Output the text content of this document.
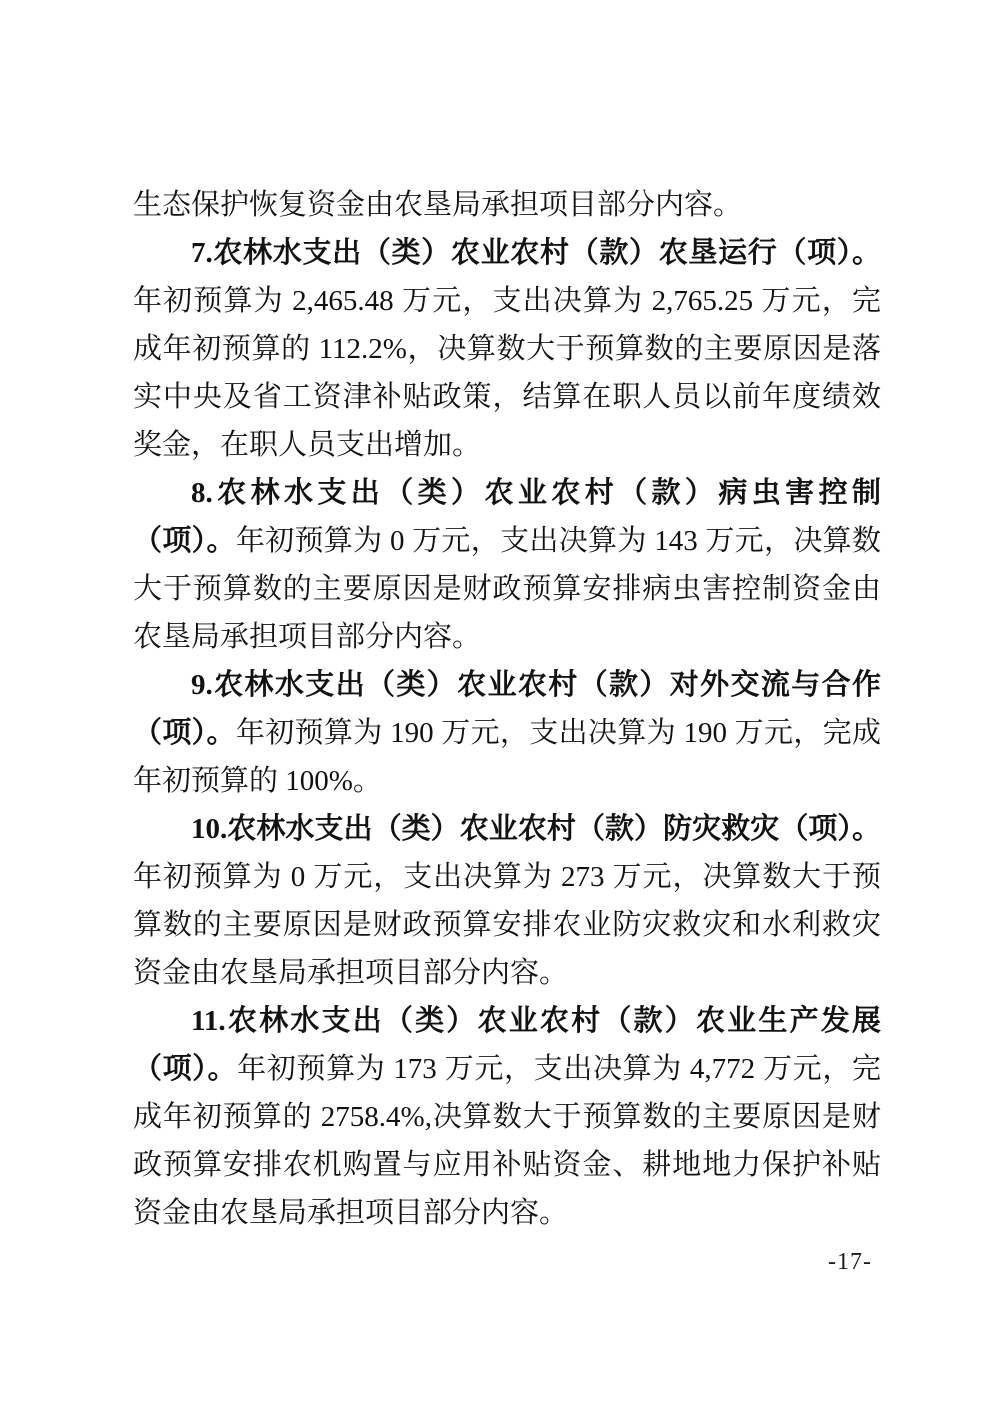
生态保护恢复资金由农垦局承担项目部分内容。

7.农林水支出（类）农业农村（款）农垦运行（项）。年初预算为 2,465.48 万元，支出决算为 2,765.25 万元，完成年初预算的 112.2%，决算数大于预算数的主要原因是落实中央及省工资津补贴政策，结算在职人员以前年度绩效奖金，在职人员支出增加。

8.农林水支出（类）农业农村（款）病虫害控制（项）。年初预算为 0 万元，支出决算为 143 万元，决算数大于预算数的主要原因是财政预算安排病虫害控制资金由农垦局承担项目部分内容。

9.农林水支出（类）农业农村（款）对外交流与合作（项）。年初预算为 190 万元，支出决算为 190 万元，完成年初预算的 100%。

10.农林水支出（类）农业农村（款）防灾救灾（项）。年初预算为 0 万元，支出决算为 273 万元，决算数大于预算数的主要原因是财政预算安排农业防灾救灾和水利救灾资金由农垦局承担项目部分内容。

11.农林水支出（类）农业农村（款）农业生产发展（项）。年初预算为 173 万元，支出决算为 4,772 万元，完成年初预算的 2758.4%,决算数大于预算数的主要原因是财政预算安排农机购置与应用补贴资金、耕地地力保护补贴资金由农垦局承担项目部分内容。

-17-
